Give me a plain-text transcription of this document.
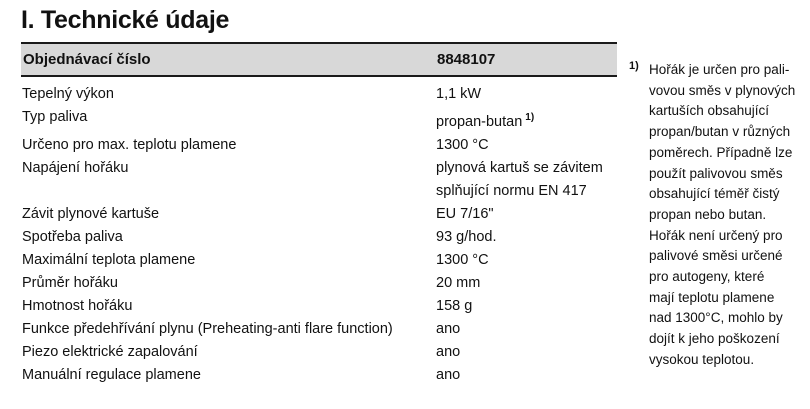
I. Technické údaje
Objednávací číslo	8848107
Tepelný výkon	1,1 kW
Typ paliva	propan-butan $^{1)}$
Určeno pro max. teplotu plamene	1300 °C
Napájení hořáku	plynová kartuš se závitem
splňující normu EN 417
Závit plynové kartuše	EU 7/16"
Spotřeba paliva	93 g/hod.
Maximální teplota plamene	1300 °C
Průměr hořáku	20 mm
Hmotnost hořáku	158 g
Funkce předehřívání plynu (Preheating-anti flare function)	ano
Piezo elektrické zapalování	ano
Manuální regulace plamene	ano
1) Hořák je určen pro pali-
vovou směs v plynových
kartuších obsahující
propan/butan v různých
poměrech. Případně lze
použít palivovou směs
obsahující téměř čistý
propan nebo butan.
Hořák není určený pro
palivové směsi určené
pro autogeny, které
mají teplotu plamene
nad 1300°C, mohlo by
dojít k jeho poškození
vysokou teplotou.
